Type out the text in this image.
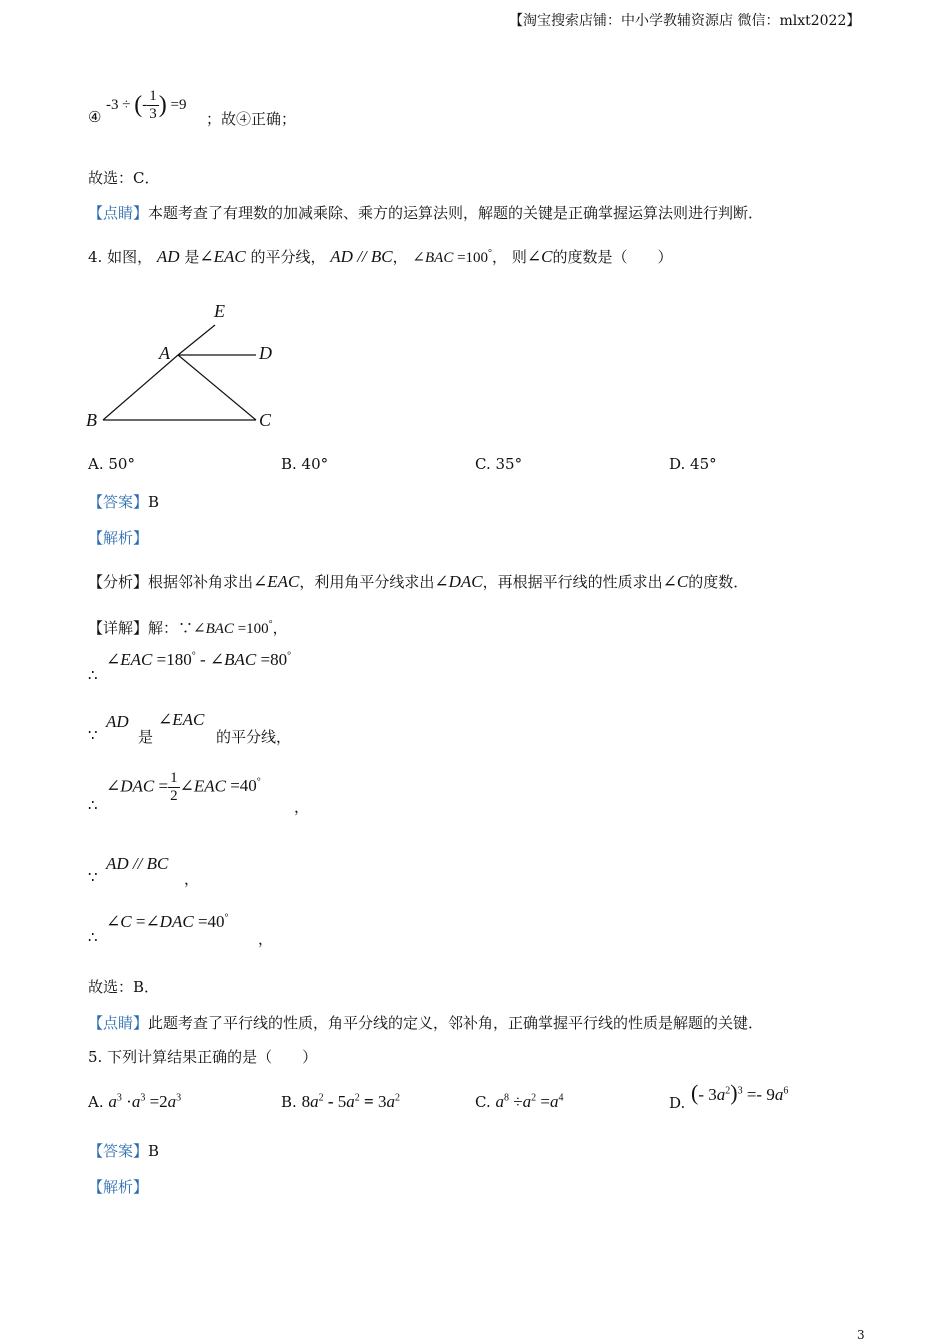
【淘宝搜索店铺：中小学教辅资源店 微信：mlxt2022】
④
-3 ÷ (- $\frac{1}{3}$ ) =9
；故④正确；
故选：C．
【点睛】本题考查了有理数的加减乘除、乘方的运算法则，解题的关键是正确掌握运算法则进行判断．
4. 如图， AD 是∠EAC 的平分线， AD // BC， ∠BAC =100°， 则∠C的度数是（　　）
E
A	D
B	C
A. 50°	B. 40°	C. 35°	D. 45°
【答案】B
【解析】
【分析】根据邻补角求出∠EAC，利用角平分线求出∠DAC，再根据平行线的性质求出∠C的度数．
【详解】解：∵∠BAC =100°，
∴
∠EAC =180° - ∠BAC =80°
∵
AD
是
∠EAC
的平分线，
∴
∠DAC = $\frac{1}{2}$ ∠EAC =40°
，
∵
AD // BC
，
∴
∠C =∠DAC =40°
，
故选：B．
【点睛】此题考查了平行线的性质，角平分线的定义，邻补角，正确掌握平行线的性质是解题的关键．
5. 下列计算结果正确的是（　　）
A. $a^3 \cdot a^3 =2a^3$	B. $8a^2 - 5a^2 = 3a^2$	C. $a^8 \div a^2 =a^4$	D. (- $3a^2)^3 =- 9a^6$
【答案】B
【解析】
3
